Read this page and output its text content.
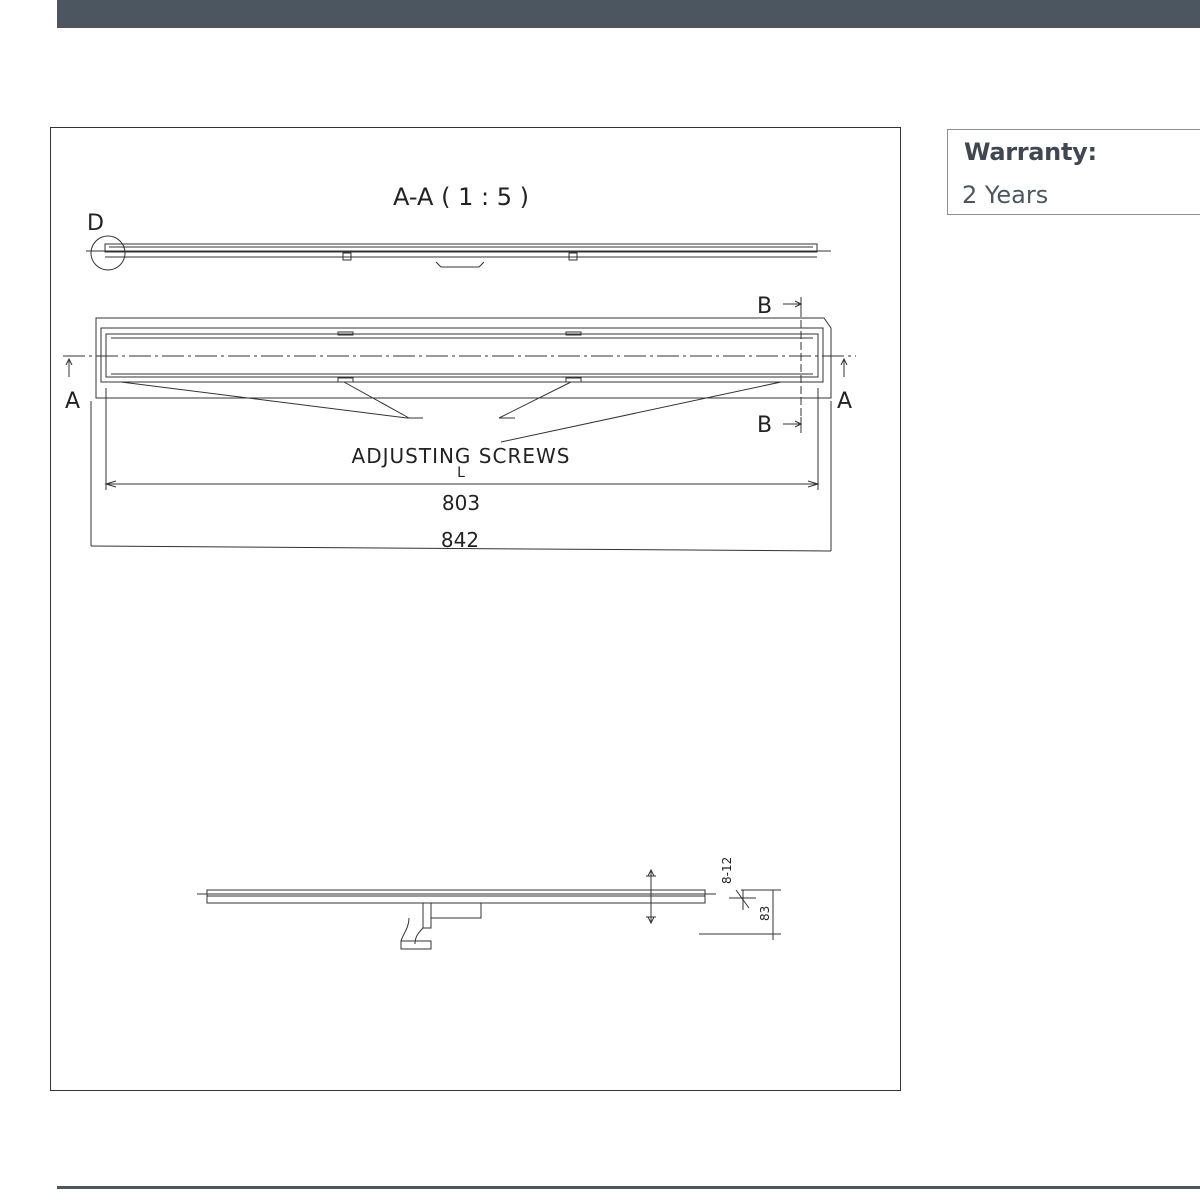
A-A ( 1 : 5 )
D
A	A
B
B
ADJUSTING SCREWS
L
803
842
8-12
83
Warranty:
2 Years
